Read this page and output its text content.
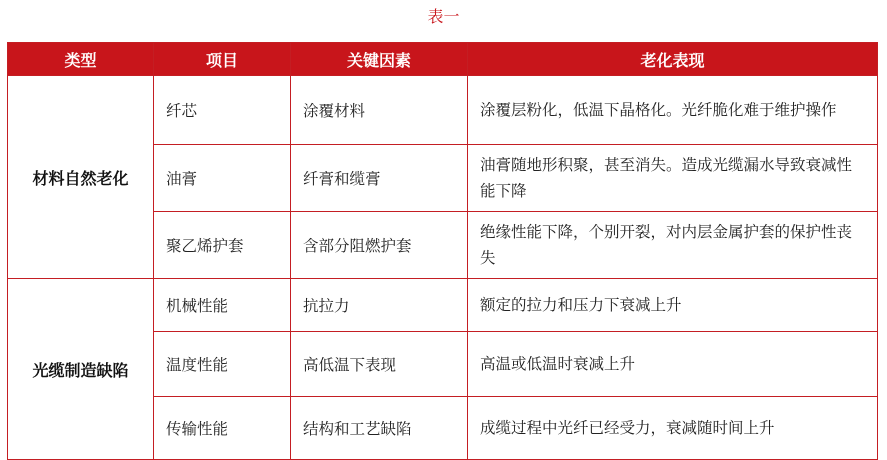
表一
类型	项目	关键因素	老化表现
材料自然老化	纤芯	涂覆材料	涂覆层粉化，低温下晶格化。光纤脆化难于维护操作
	油膏	纤膏和缆膏	油膏随地形积聚，甚至消失。造成光缆漏水导致衰减性能下降
	聚乙烯护套	含部分阻燃护套	绝缘性能下降，个别开裂，对内层金属护套的保护性丧失
光缆制造缺陷	机械性能	抗拉力	额定的拉力和压力下衰减上升
	温度性能	高低温下表现	高温或低温时衰减上升
	传输性能	结构和工艺缺陷	成缆过程中光纤已经受力，衰减随时间上升
